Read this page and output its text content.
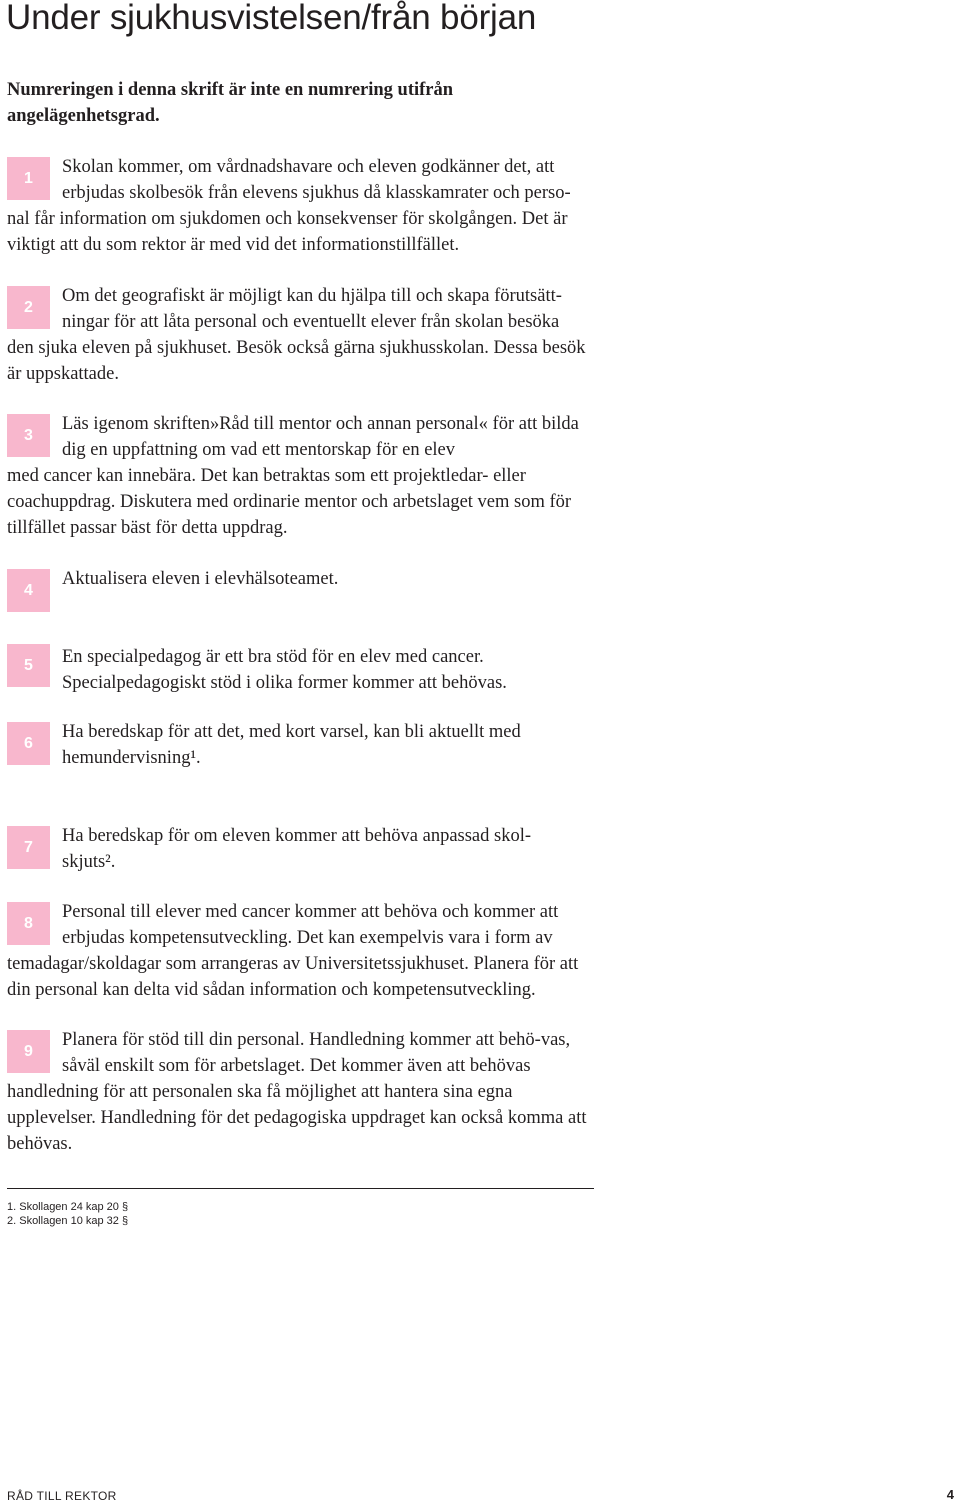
Under sjukhusvistelsen/från början

Numreringen i denna skrift är inte en numrering utifrån angelägenhetsgrad.

1

Skolan kommer, om vårdnadshavare och eleven godkänner det, att erbjudas skolbesök från elevens sjukhus då klasskamrater och perso-
nal får information om sjukdomen och konsekvenser för skolgången. Det är viktigt att du som rektor är med vid det informationstillfället.

2

Om det geografiskt är möjligt kan du hjälpa till och skapa förutsätt-ningar för att låta personal och eventuellt elever från skolan besöka
den sjuka eleven på sjukhuset. Besök också gärna sjukhusskolan. Dessa besök är uppskattade.

3

Läs igenom skriften»Råd till mentor och annan personal« för att bilda dig en uppfattning om vad ett mentorskap för en elev
med cancer kan innebära. Det kan betraktas som ett projektledar- eller coachuppdrag. Diskutera med ordinarie mentor och arbetslaget vem som för tillfället passar bäst för detta uppdrag.

4

Aktualisera eleven i elevhälsoteamet.

5	En specialpedagog är ett bra stöd för en elev med cancer. Specialpedagogiskt stöd i olika former kommer att behövas.

6

Ha beredskap för att det, med kort varsel, kan bli aktuellt med hemundervisning¹.

7

Ha beredskap för om eleven kommer att behöva anpassad skol-skjuts².

8

Personal till elever med cancer kommer att behöva och kommer att erbjudas kompetensutveckling. Det kan exempelvis vara i form av
temadagar/skoldagar som arrangeras av Universitetssjukhuset. Planera för att din personal kan delta vid sådan information och kompetensutveckling.

9

Planera för stöd till din personal. Handledning kommer att behö-vas, såväl enskilt som för arbetslaget. Det kommer även att behövas
handledning för att personalen ska få möjlighet att hantera sina egna upplevelser. Handledning för det pedagogiska uppdraget kan också komma att behövas.

1. Skollagen 24 kap 20 §
2. Skollagen 10 kap 32 §
RÅD TILL REKTOR	4
